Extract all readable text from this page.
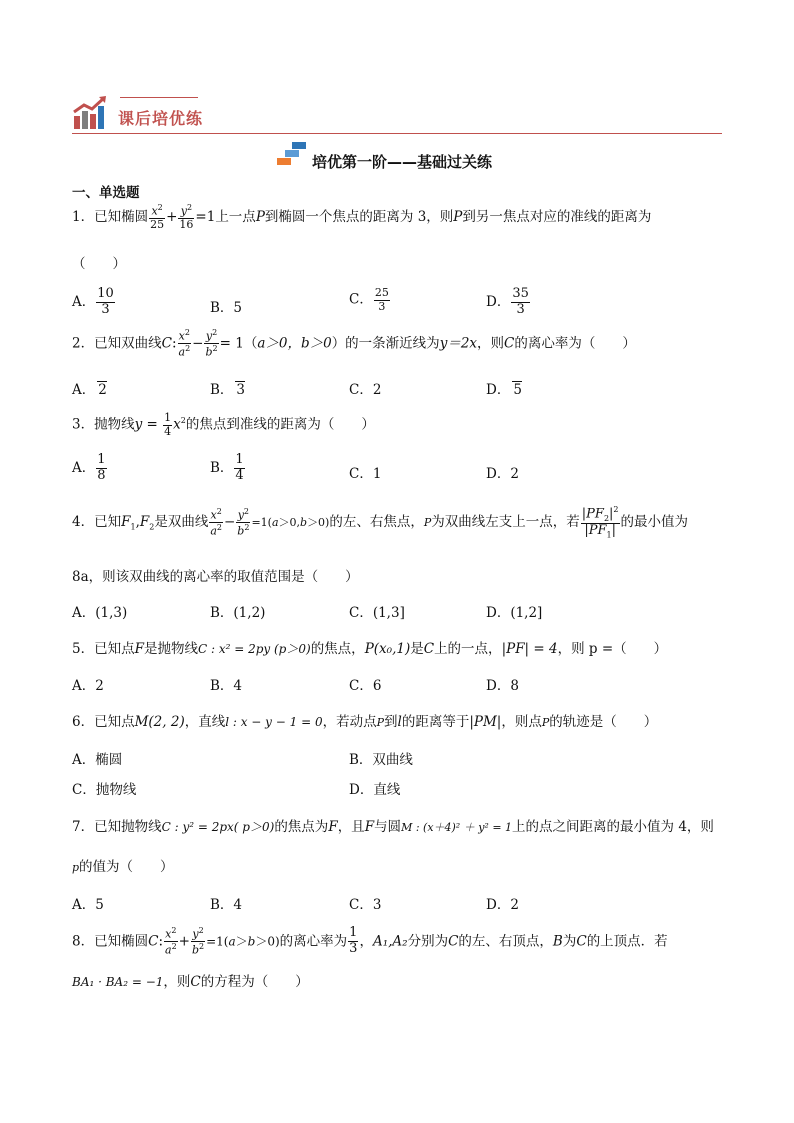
课后培优练
培优第一阶——基础过关练
一、单选题
1．已知椭圆 $\frac{x^2}{25} + \frac{y^2}{16} =1$上一点P到椭圆一个焦点的距离为 3，则P到另一焦点对应的准线的距离为
（　　）
A． $\frac{10}{3}$	B．5
C． $\frac{25}{3}$	D． $\frac{35}{3}$
2．已知双曲线C: $\frac{x^2}{a^2} - \frac{y^2}{b^2} = 1(a>0$，b＞0）的一条渐近线为y＝2x，则C的离心率为（　　）
A． 2	B． 3	C．2	D． 5
3．抛物线$y = \frac{1}{4} x^2$的焦点到准线的距离为（　　）
A． $\frac{1}{8}$	B． $\frac{1}{4}$	C．1	D．2
4．已知$F_1,F_2$是双曲线 $\frac{x^2}{a^2} - \frac{y^2}{b^2} =1(a>0,b>0)$的左、右焦点，P为双曲线左支上一点，若 $\frac{|PF_2|^2}{|PF_1|}$ 的最小值为
8a，则该双曲线的离心率的取值范围是（　　）
A．(1,3)	B．(1,2)	C．(1,3]	D．(1,2]
5．已知点F是抛物线C : x² = 2py (p＞0)的焦点，P(x₀,1)是C上的一点，|PF| = 4，则 p =（　　）
A．2	B．4	C．6	D．8
6．已知点M(2, 2)，直线l : x − y − 1 = 0，若动点P到l的距离等于|PM|，则点P的轨迹是（　　）
A．椭圆	B．双曲线
C．抛物线	D．直线
7．已知抛物线C : y² = 2px( p＞0)的焦点为F，且F与圆M : (x＋4)² ＋ y² = 1上的点之间距离的最小值为 4，则
p的值为（　　）
A．5	B．4	C．3	D．2
8．已知椭圆C: $\frac{x^2}{a^2} + \frac{y^2}{b^2} =1(a>b>0)$的离心率为 $\frac{1}{3}$ ，A₁,A₂分别为C的左、右顶点，B为C的上顶点．若
BA₁ · BA₂ = −1，则C的方程为（　　）
